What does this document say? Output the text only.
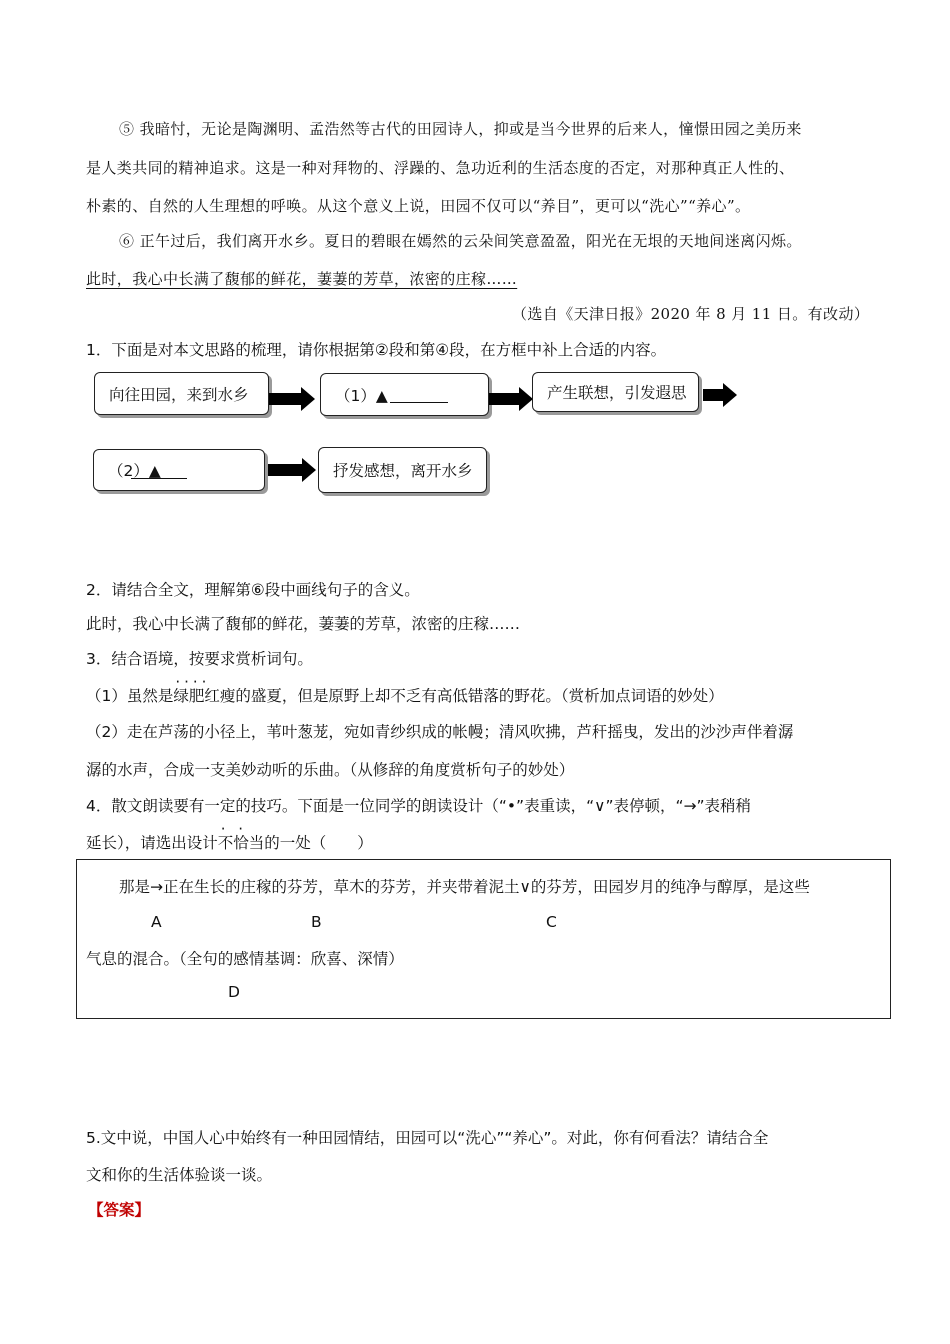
⑤ 我暗忖，无论是陶渊明、孟浩然等古代的田园诗人，抑或是当今世界的后来人，憧憬田园之美历来
是人类共同的精神追求。这是一种对拜物的、浮躁的、急功近利的生活态度的否定，对那种真正人性的、
朴素的、自然的人生理想的呼唤。从这个意义上说，田园不仅可以“养目”，更可以“洗心”“养心”。
⑥ 正午过后，我们离开水乡。夏日的碧眼在嫣然的云朵间笑意盈盈，阳光在无垠的天地间迷离闪烁。
此时，我心中长满了馥郁的鲜花，萋萋的芳草，浓密的庄稼……
（选自《天津日报》2020 年 8 月 11 日。有改动）
1．下面是对本文思路的梳理，请你根据第②段和第④段，在方框中补上合适的内容。
向往田园，来到水乡	（1）▲	产生联想，引发遐思
（2）▲	抒发感想，离开水乡
2．请结合全文，理解第⑥段中画线句子的含义。
此时，我心中长满了馥郁的鲜花，萋萋的芳草，浓密的庄稼……
3．结合语境，按要求赏析词句。
（1）虽然是···· 绿肥红瘦的盛夏，但是原野上却不乏有高低错落的野花。（赏析加点词语的妙处）
（2）走在芦荡的小径上，苇叶葱茏，宛如青纱织成的帐幔；清风吹拂，芦秆摇曳，发出的沙沙声伴着潺
潺的水声，合成一支美妙动听的乐曲。（从修辞的角度赏析句子的妙处）
4．散文朗读要有一定的技巧。下面是一位同学的朗读设计（“•”表重读，“∨”表停顿，“→”表稍稍
延长），请选出设计· · 不恰当的一处（　　）
那是→正在生长的庄稼的芬芳，草木的芬芳，并夹带着泥土∨的芬芳，田园岁月的纯净与醇厚，是这些
A	B	C
气息的混合。（全句的感情基调：欣喜、深情）
D
5.文中说，中国人心中始终有一种田园情结，田园可以“洗心”“养心”。对此，你有何看法？请结合全
文和你的生活体验谈一谈。
【答案】
